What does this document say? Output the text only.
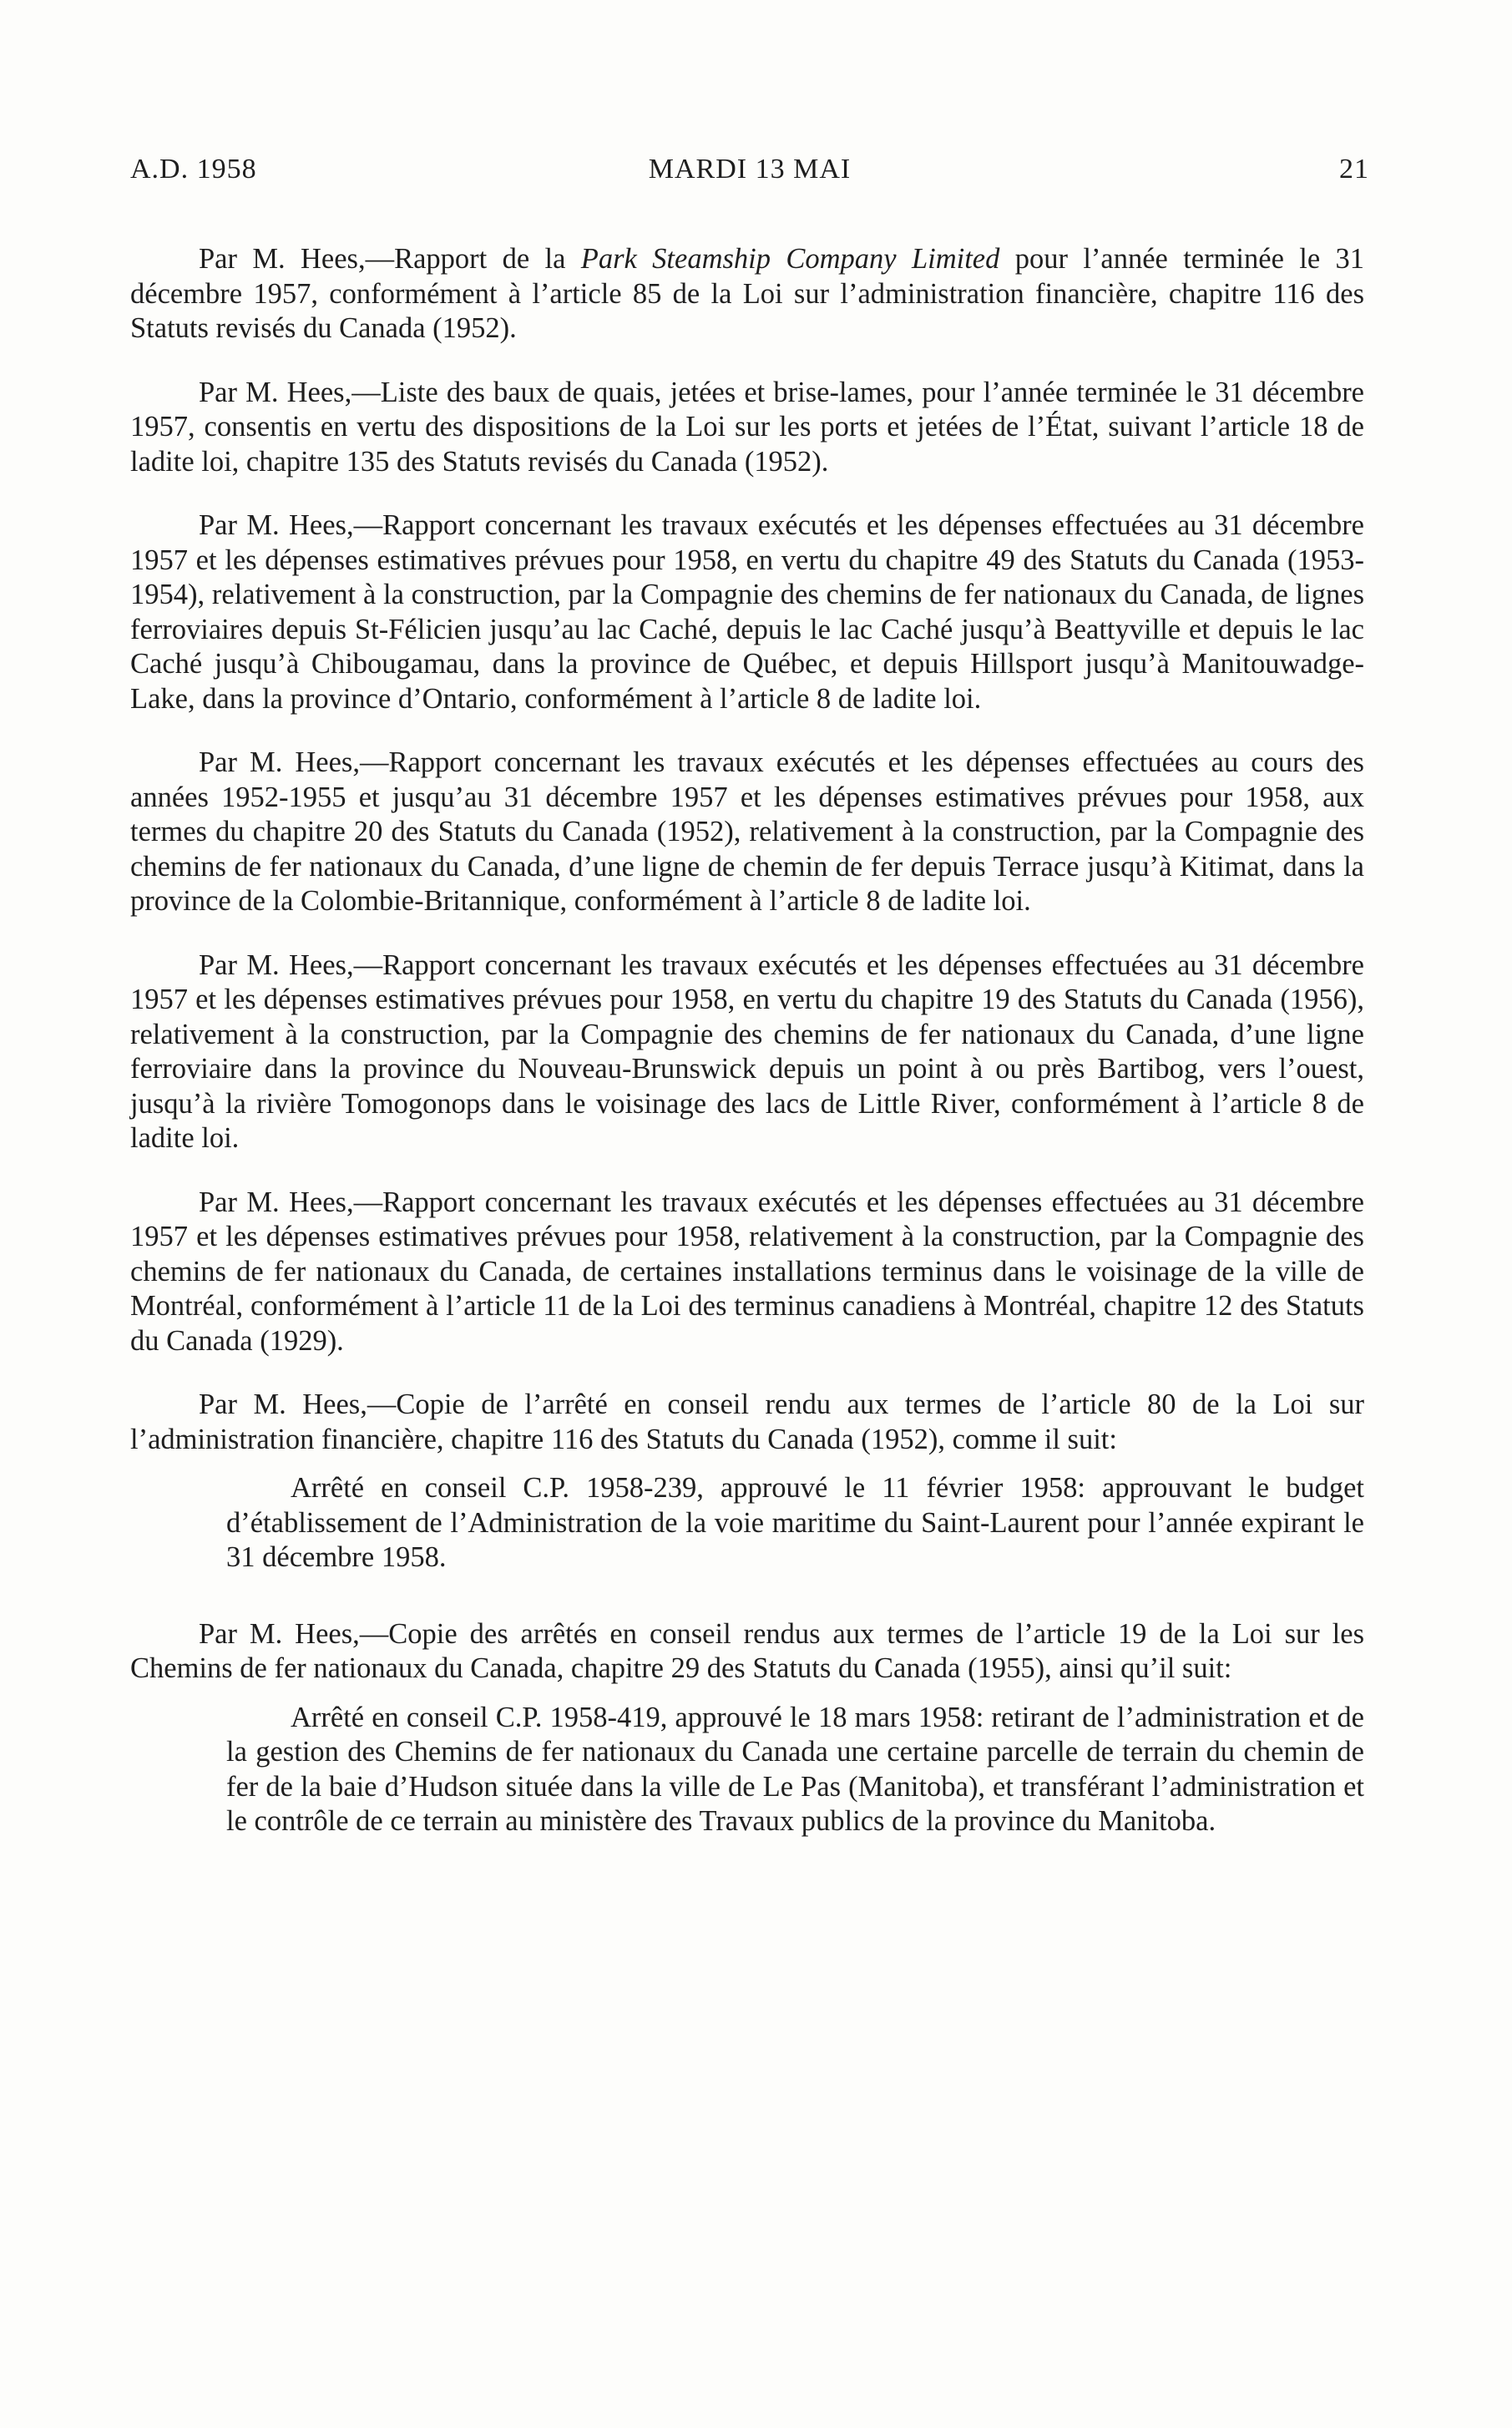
A.D. 1958	MARDI 13 MAI	21

Par M. Hees,—Rapport de la Park Steamship Company Limited pour l’année terminée le 31 décembre 1957, conformément à l’article 85 de la Loi sur l’administration financière, chapitre 116 des Statuts revisés du Canada (1952).

Par M. Hees,—Liste des baux de quais, jetées et brise-lames, pour l’année terminée le 31 décembre 1957, consentis en vertu des dispositions de la Loi sur les ports et jetées de l’État, suivant l’article 18 de ladite loi, chapitre 135 des Statuts revisés du Canada (1952).

Par M. Hees,—Rapport concernant les travaux exécutés et les dépenses effectuées au 31 décembre 1957 et les dépenses estimatives prévues pour 1958, en vertu du chapitre 49 des Statuts du Canada (1953-1954), relativement à la construction, par la Compagnie des chemins de fer nationaux du Canada, de lignes ferroviaires depuis St-Félicien jusqu’au lac Caché, depuis le lac Caché jusqu’à Beattyville et depuis le lac Caché jusqu’à Chibougamau, dans la province de Québec, et depuis Hillsport jusqu’à Manitouwadge-Lake, dans la province d’Ontario, conformément à l’article 8 de ladite loi.

Par M. Hees,—Rapport concernant les travaux exécutés et les dépenses effectuées au cours des années 1952-1955 et jusqu’au 31 décembre 1957 et les dépenses estimatives prévues pour 1958, aux termes du chapitre 20 des Statuts du Canada (1952), relativement à la construction, par la Compagnie des chemins de fer nationaux du Canada, d’une ligne de chemin de fer depuis Terrace jusqu’à Kitimat, dans la province de la Colombie-Britannique, conformément à l’article 8 de ladite loi.

Par M. Hees,—Rapport concernant les travaux exécutés et les dépenses effectuées au 31 décembre 1957 et les dépenses estimatives prévues pour 1958, en vertu du chapitre 19 des Statuts du Canada (1956), relativement à la construction, par la Compagnie des chemins de fer nationaux du Canada, d’une ligne ferroviaire dans la province du Nouveau-Brunswick depuis un point à ou près Bartibog, vers l’ouest, jusqu’à la rivière Tomogonops dans le voisinage des lacs de Little River, conformément à l’article 8 de ladite loi.

Par M. Hees,—Rapport concernant les travaux exécutés et les dépenses effectuées au 31 décembre 1957 et les dépenses estimatives prévues pour 1958, relativement à la construction, par la Compagnie des chemins de fer nationaux du Canada, de certaines installations terminus dans le voisinage de la ville de Montréal, conformément à l’article 11 de la Loi des terminus canadiens à Montréal, chapitre 12 des Statuts du Canada (1929).

Par M. Hees,—Copie de l’arrêté en conseil rendu aux termes de l’article 80 de la Loi sur l’administration financière, chapitre 116 des Statuts du Canada (1952), comme il suit:

Arrêté en conseil C.P. 1958-239, approuvé le 11 février 1958: approuvant le budget d’établissement de l’Administration de la voie maritime du Saint-Laurent pour l’année expirant le 31 décembre 1958.

Par M. Hees,—Copie des arrêtés en conseil rendus aux termes de l’article 19 de la Loi sur les Chemins de fer nationaux du Canada, chapitre 29 des Statuts du Canada (1955), ainsi qu’il suit:

Arrêté en conseil C.P. 1958-419, approuvé le 18 mars 1958: retirant de l’administration et de la gestion des Chemins de fer nationaux du Canada une certaine parcelle de terrain du chemin de fer de la baie d’Hudson située dans la ville de Le Pas (Manitoba), et transférant l’administration et le contrôle de ce terrain au ministère des Travaux publics de la province du Manitoba.
